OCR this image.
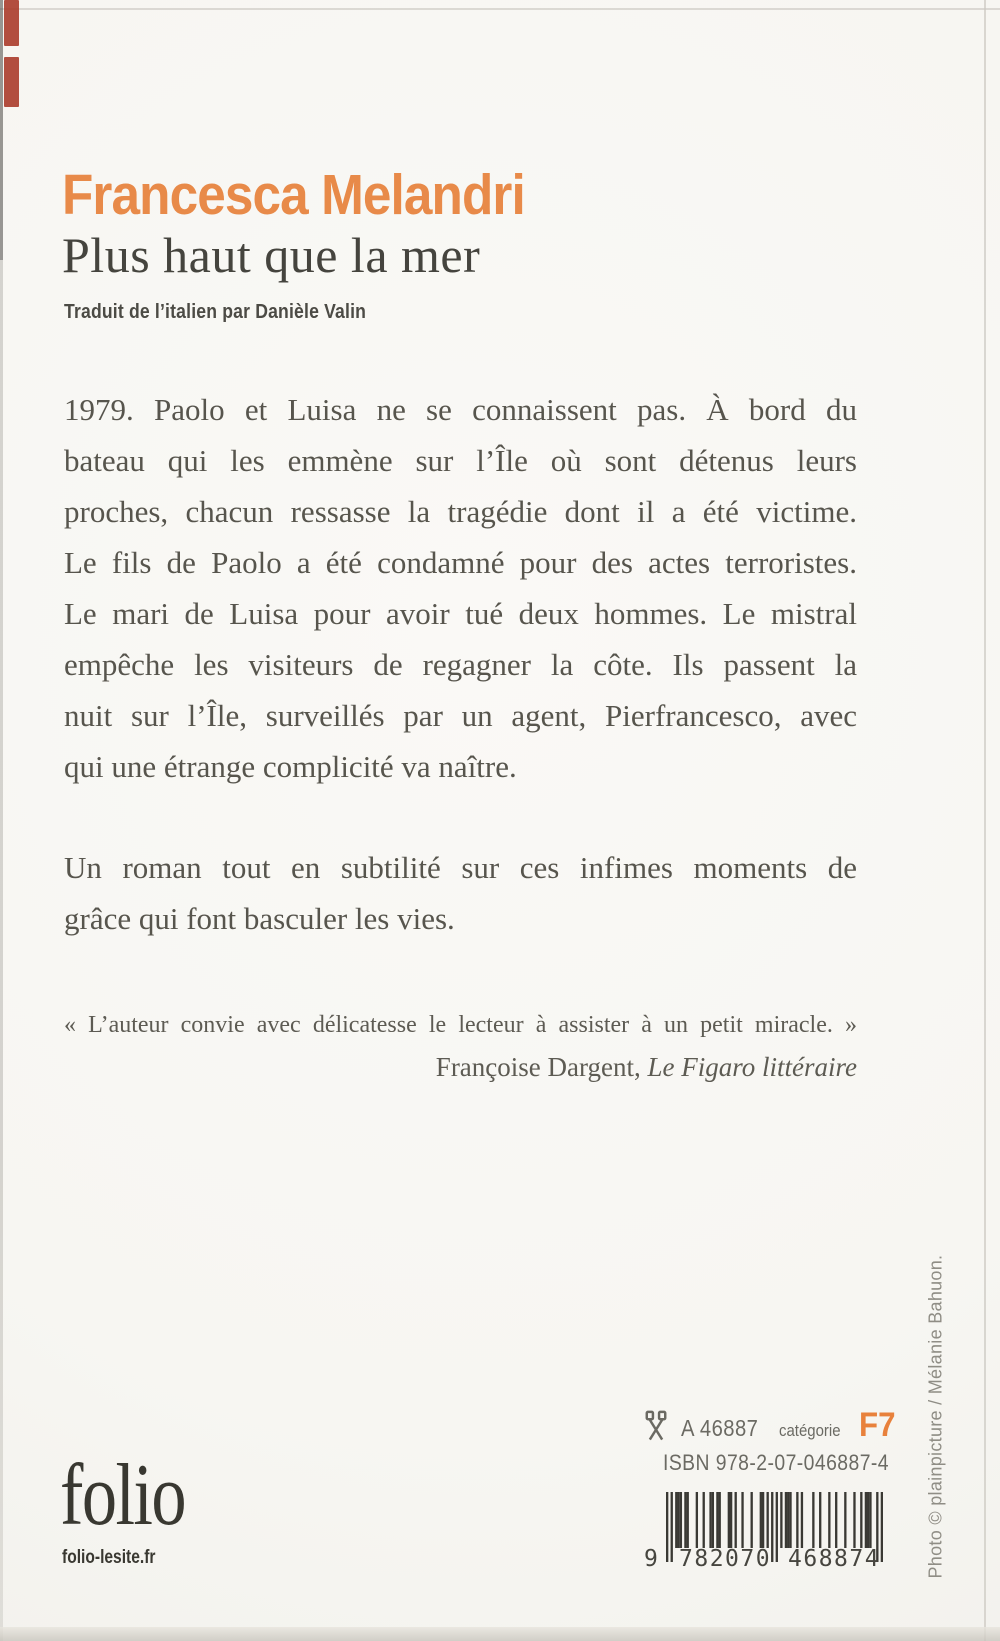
Francesca Melandri
Plus haut que la mer
Traduit de l’italien par Danièle Valin
1979. Paolo et Luisa ne se connaissent pas. À bord du
bateau qui les emmène sur l’Île où sont détenus leurs
proches, chacun ressasse la tragédie dont il a été victime.
Le fils de Paolo a été condamné pour des actes terroristes.
Le mari de Luisa pour avoir tué deux hommes. Le mistral
empêche les visiteurs de regagner la côte. Ils passent la
nuit sur l’Île, surveillés par un agent, Pierfrancesco, avec
qui une étrange complicité va naître.
Un roman tout en subtilité sur ces infimes moments de
grâce qui font basculer les vies.
« L’auteur convie avec délicatesse le lecteur à assister à un petit miracle. »
Françoise Dargent, Le Figaro littéraire
folio
folio-lesite.fr
A 46887 catégorie F7
ISBN 978-2-07-046887-4
9 782070 468874	Photo © plainpicture / Mélanie Bahuon.
